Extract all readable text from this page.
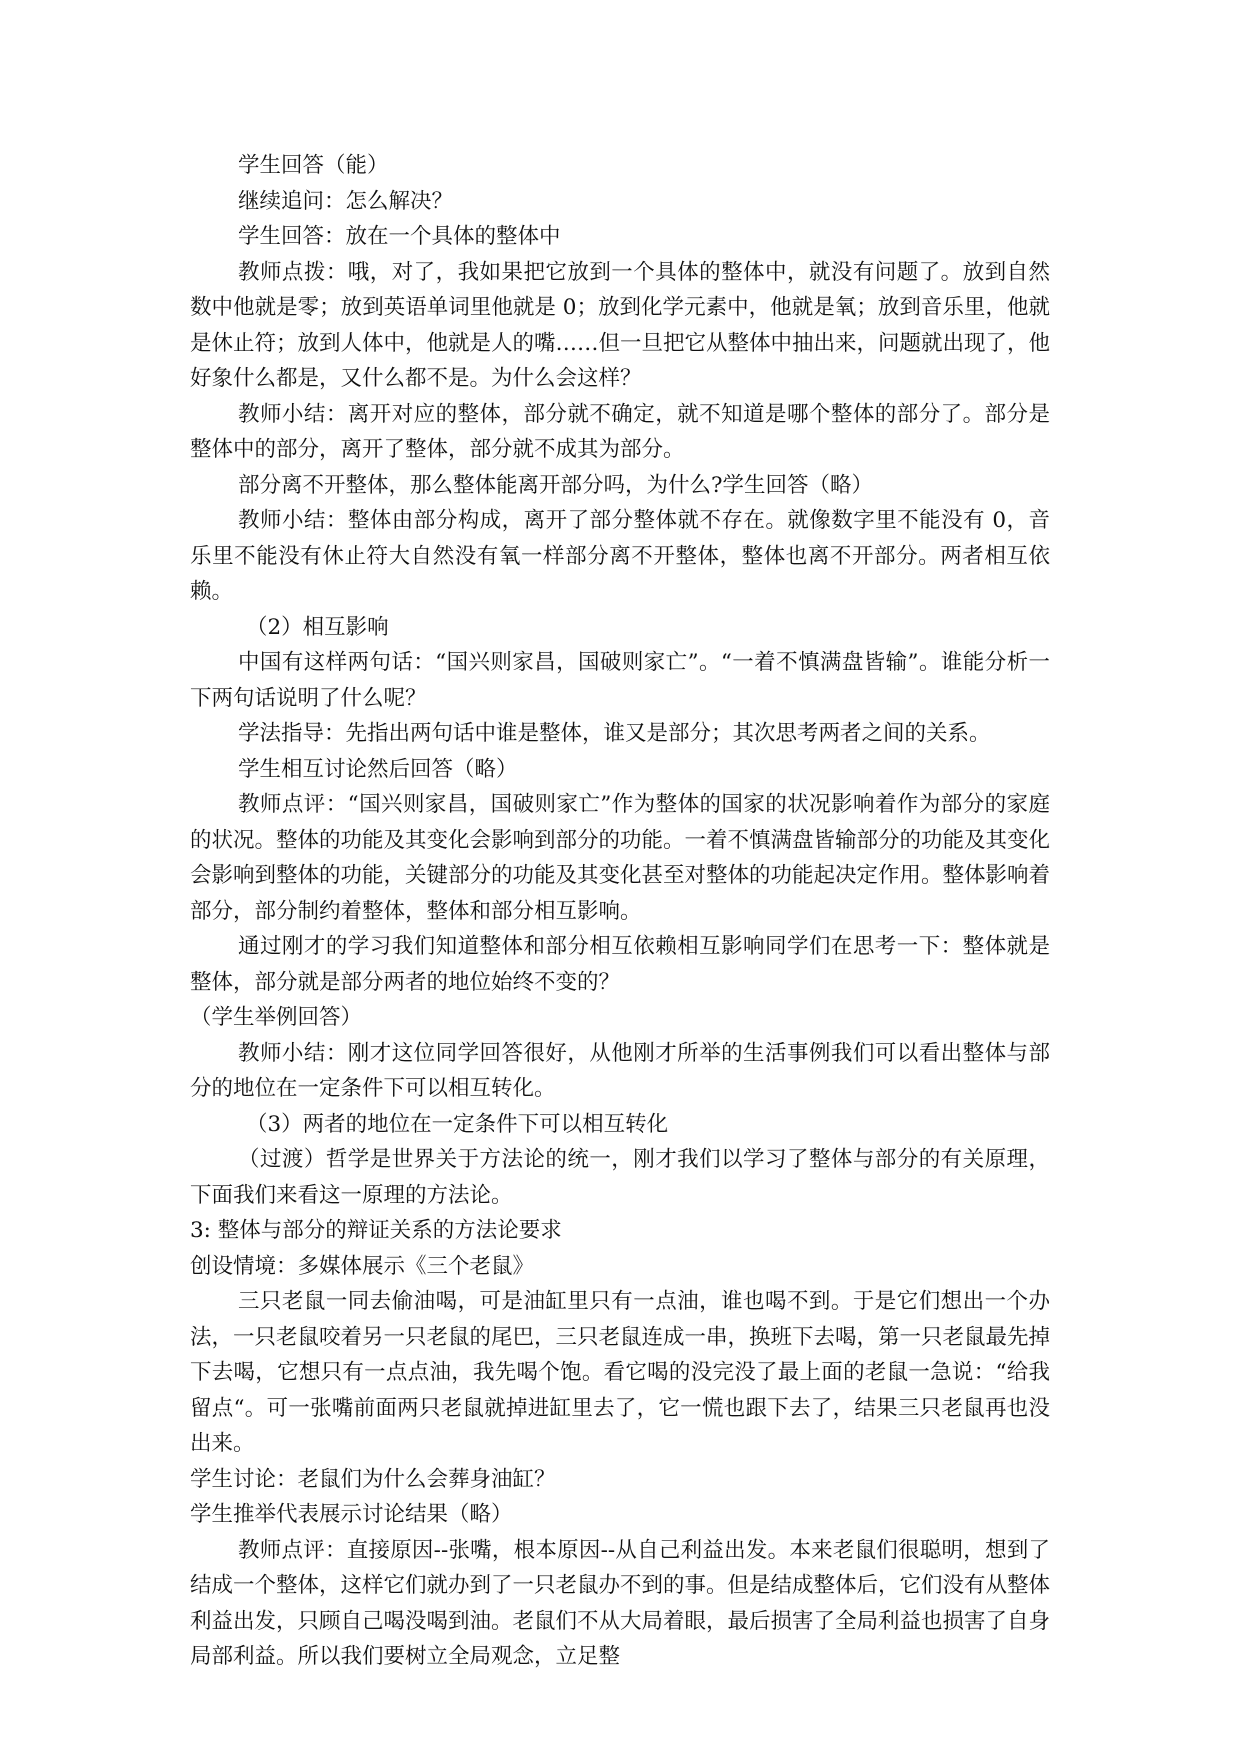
学生回答（能）

继续追问：怎么解决？

学生回答：放在一个具体的整体中

教师点拨：哦，对了，我如果把它放到一个具体的整体中，就没有问题了。放到自然数中他就是零；放到英语单词里他就是 0；放到化学元素中，他就是氧；放到音乐里，他就是休止符；放到人体中，他就是人的嘴……但一旦把它从整体中抽出来，问题就出现了，他好象什么都是，又什么都不是。为什么会这样？

教师小结：离开对应的整体，部分就不确定，就不知道是哪个整体的部分了。部分是整体中的部分，离开了整体，部分就不成其为部分。

部分离不开整体，那么整体能离开部分吗，为什么?学生回答（略）

教师小结：整体由部分构成，离开了部分整体就不存在。就像数字里不能没有 0，音乐里不能没有休止符大自然没有氧一样部分离不开整体，整体也离不开部分。两者相互依赖。

（2）相互影响

中国有这样两句话：“国兴则家昌，国破则家亡”。“一着不慎满盘皆输”。谁能分析一下两句话说明了什么呢？

学法指导：先指出两句话中谁是整体，谁又是部分；其次思考两者之间的关系。

学生相互讨论然后回答（略）

教师点评：“国兴则家昌，国破则家亡”作为整体的国家的状况影响着作为部分的家庭的状况。整体的功能及其变化会影响到部分的功能。一着不慎满盘皆输部分的功能及其变化会影响到整体的功能，关键部分的功能及其变化甚至对整体的功能起决定作用。整体影响着部分，部分制约着整体，整体和部分相互影响。

通过刚才的学习我们知道整体和部分相互依赖相互影响同学们在思考一下：整体就是整体，部分就是部分两者的地位始终不变的？

（学生举例回答）

教师小结：刚才这位同学回答很好，从他刚才所举的生活事例我们可以看出整体与部分的地位在一定条件下可以相互转化。

（3）两者的地位在一定条件下可以相互转化

（过渡）哲学是世界关于方法论的统一，刚才我们以学习了整体与部分的有关原理，下面我们来看这一原理的方法论。

3: 整体与部分的辩证关系的方法论要求

创设情境：多媒体展示《三个老鼠》

三只老鼠一同去偷油喝，可是油缸里只有一点油，谁也喝不到。于是它们想出一个办法，一只老鼠咬着另一只老鼠的尾巴，三只老鼠连成一串，换班下去喝，第一只老鼠最先掉下去喝，它想只有一点点油，我先喝个饱。看它喝的没完没了最上面的老鼠一急说：“给我留点“。可一张嘴前面两只老鼠就掉进缸里去了，它一慌也跟下去了，结果三只老鼠再也没出来。

学生讨论：老鼠们为什么会葬身油缸？

学生推举代表展示讨论结果（略）

教师点评：直接原因--张嘴，根本原因--从自己利益出发。本来老鼠们很聪明，想到了结成一个整体，这样它们就办到了一只老鼠办不到的事。但是结成整体后，它们没有从整体利益出发，只顾自己喝没喝到油。老鼠们不从大局着眼，最后损害了全局利益也损害了自身局部利益。所以我们要树立全局观念，立足整
